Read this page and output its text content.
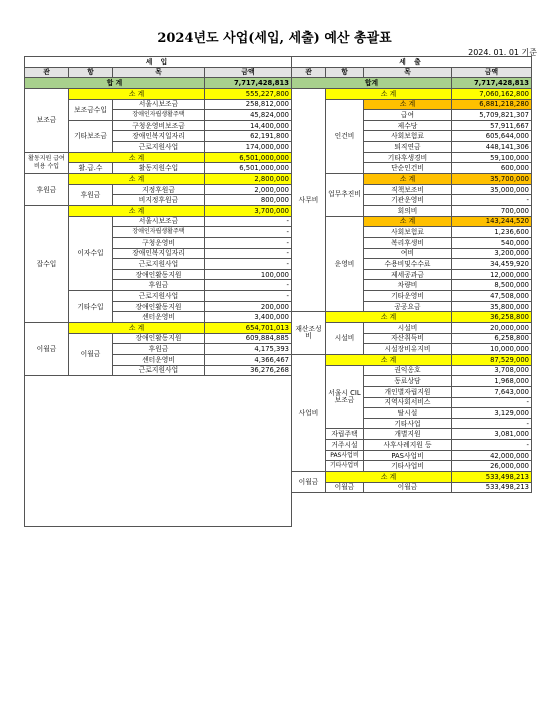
2024년도 사업(세입, 세출) 예산 총괄표
2024. 01. 01 기준
세 입			
관	항	목	금액
합 계			7,717,428,813
보조금	소 계		555,227,800
	보조금수입	서울시보조금	258,812,000
		장애인자립생활주택	45,824,000
	기타보조금	구청운영비보조금	14,400,000
		장애인복지일자리	62,191,800
		근로지원사업	174,000,000
활동지원 급여비용 수입	소 계		6,501,000,000
	활.급.수	활동지원수입	6,501,000,000
후원금	소 계		2,800,000
	후원금	지정후원금	2,000,000
		비지정후원금	800,000
잡수입	소 계		3,700,000
	이자수입	서울시보조금	-
		장애인자립생활주택	-
		구청운영비	-
		장애인복지일자리	-
		근로지원사업	-
		장애인활동지원	100,000
		후원금	-
	기타수입	근로지원사업	-
		장애인활동지원	200,000
		센터운영비	3,400,000
이월금	소 계		654,701,013
	이월금	장애인활동지원	609,884,885
		후원금	4,175,393
		센터운영비	4,366,467
		근로지원사업	36,276,268

세 출			
관	항	목	금액
합계			7,717,428,813
사무비	소 계		7,060,162,800
	인건비	소 계	6,881,218,280
		급여	5,709,821,307
		제수당	57,911,667
		사회보험료	605,644,000
		퇴직연금	448,141,306
		기타후생경비	59,100,000
		단순인건비	600,000
	업무추진비	소 계	35,700,000
		직책보조비	35,000,000
		기관운영비	-
		회의비	700,000
	운영비	소 계	143,244,520
		사회보험료	1,236,600
		복리후생비	540,000
		여비	3,200,000
		수용비및수수료	34,459,920
		제세공과금	12,000,000
		차량비	8,500,000
		기타운영비	47,508,000
		공공요금	35,800,000
재산조성비	소 계		36,258,800
	시설비	시설비	20,000,000
		자산취득비	6,258,800
		시설장비유지비	10,000,000
사업비	소 계		87,529,000
	서울시 CIL 보조금	권익옹호	3,708,000
		동료상담	1,968,000
		개인별자립지원	7,643,000
		지역사회서비스	-
		탈시설	3,129,000
		기타사업	-
	자립주택	개별지원	3,081,000
	거주시설	사후사례지원 등	-
	PAS사업비	PAS사업비	42,000,000
	기타사업비	기타사업비	26,000,000
이월금	소 계		533,498,213
	이월금	이월금	533,498,213
